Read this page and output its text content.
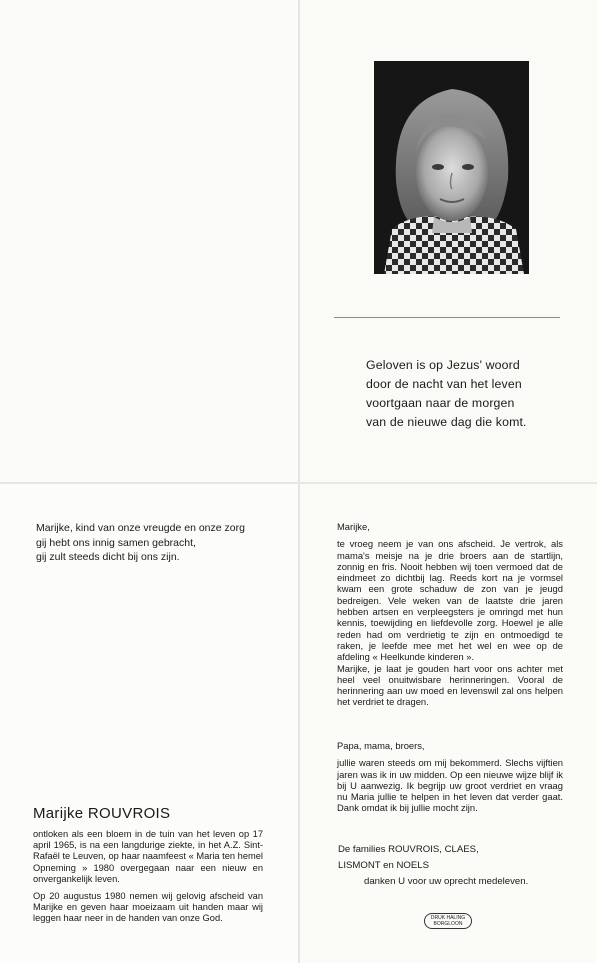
Geloven is op Jezus' woord
door de nacht van het leven
voortgaan naar de morgen
van de nieuwe dag die komt.
Marijke, kind van onze vreugde en onze zorg
gij hebt ons innig samen gebracht,
gij zult steeds dicht bij ons zijn.
Marijke ROUVROIS

ontloken als een bloem in de tuin van het leven op 17 april 1965, is na een langdurige ziekte, in het A.Z. Sint-Rafaël te Leuven, op haar naamfeest « Maria ten hemel Opneming » 1980 overgegaan naar een nieuw en onvergankelijk leven.

Op 20 augustus 1980 nemen wij gelovig afscheid van Marijke en geven haar moeizaam uit handen maar wij leggen haar neer in de handen van onze God.

Marijke,

te vroeg neem je van ons afscheid. Je vertrok, als mama's meisje na je drie broers aan de startlijn, zonnig en fris. Nooit hebben wij toen vermoed dat de eindmeet zo dichtbij lag. Reeds kort na je vormsel kwam een grote schaduw de zon van je jeugd bedreigen. Vele weken van de laatste drie jaren hebben artsen en verpleegsters je omringd met hun kennis, toewijding en liefdevolle zorg. Hoewel je alle reden had om verdrietig te zijn en ontmoedigd te raken, je leefde mee met het wel en wee op de afdeling « Heelkunde kinderen ».

Marijke, je laat je gouden hart voor ons achter met heel veel onuitwisbare herinneringen. Vooral de herinnering aan uw moed en levenswil zal ons helpen het verdriet te dragen.

Papa, mama, broers,

jullie waren steeds om mij bekommerd. Slechs vijftien jaren was ik in uw midden. Op een nieuwe wijze blijf ik bij U aanwezig. Ik begrijp uw groot verdriet en vraag nu Maria jullie te helpen in het leven dat verder gaat. Dank omdat ik bij jullie mocht zijn.

De families ROUVROIS, CLAES,
LISMONT en NOELS
danken U voor uw oprecht medeleven.
DRUK HALING
BORGLOON
